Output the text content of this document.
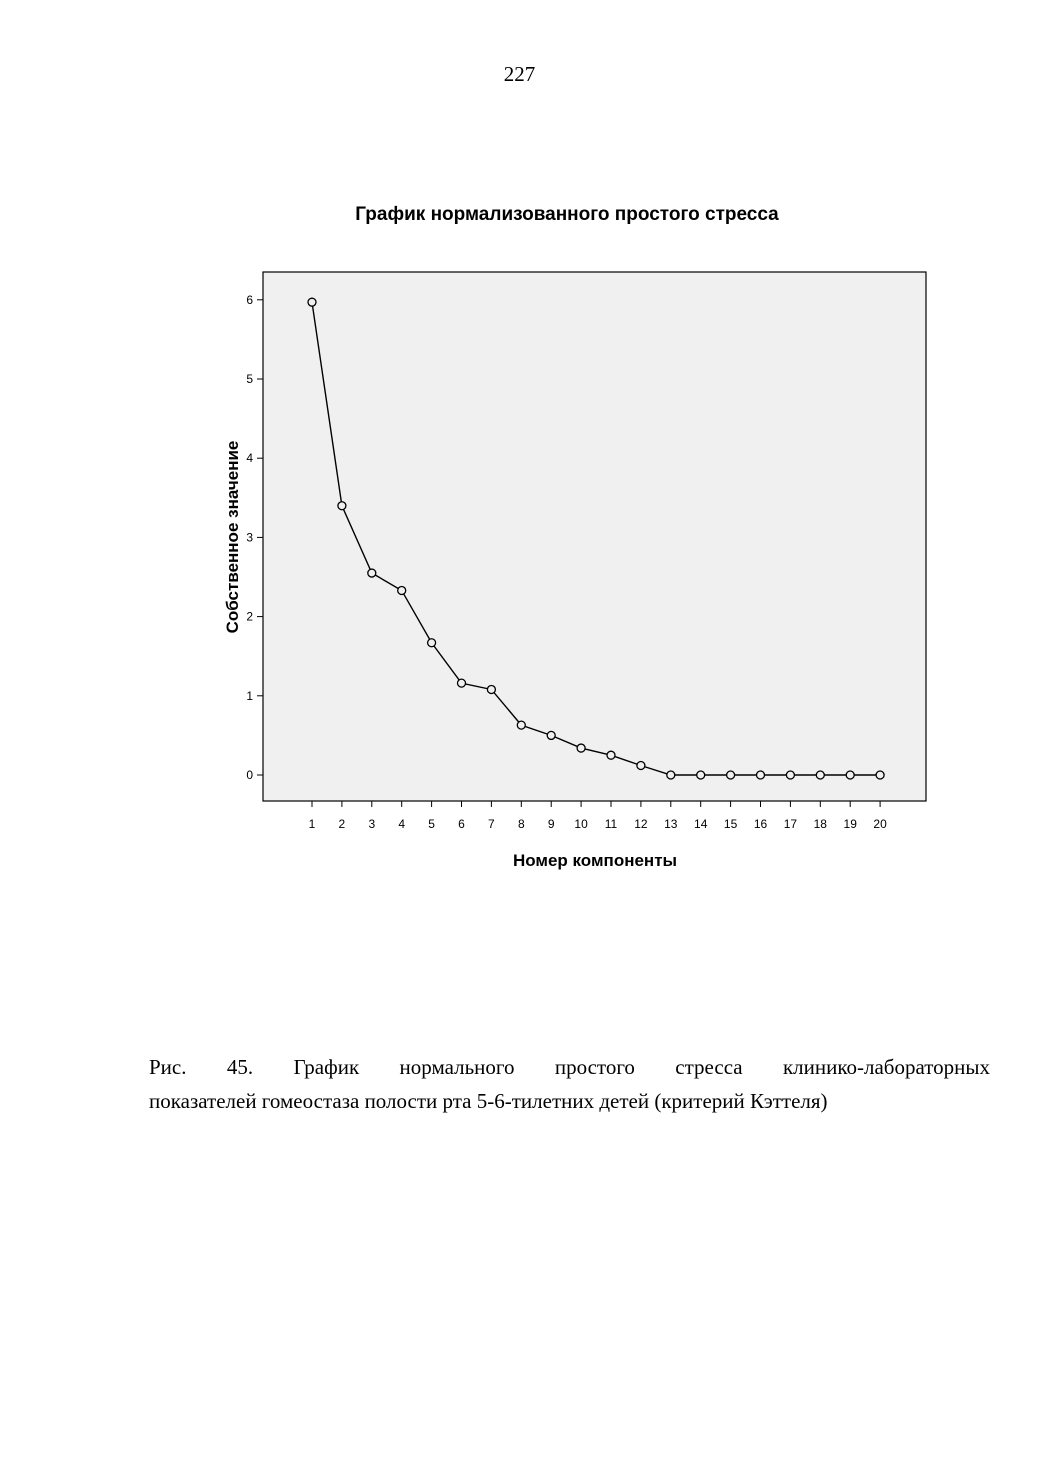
227
График нормализованного простого стресса
0
1
2
3
4
5
6
1 2 3 4 5 6 7 8 9 10 11 12 13 14 15 16 17 18 19 20
Собственное значение
Номер компоненты
Рис. 45. График нормального простого стресса клинико-лабораторных
показателей гомеостаза полости рта 5-6-тилетних детей (критерий Кэттеля)
